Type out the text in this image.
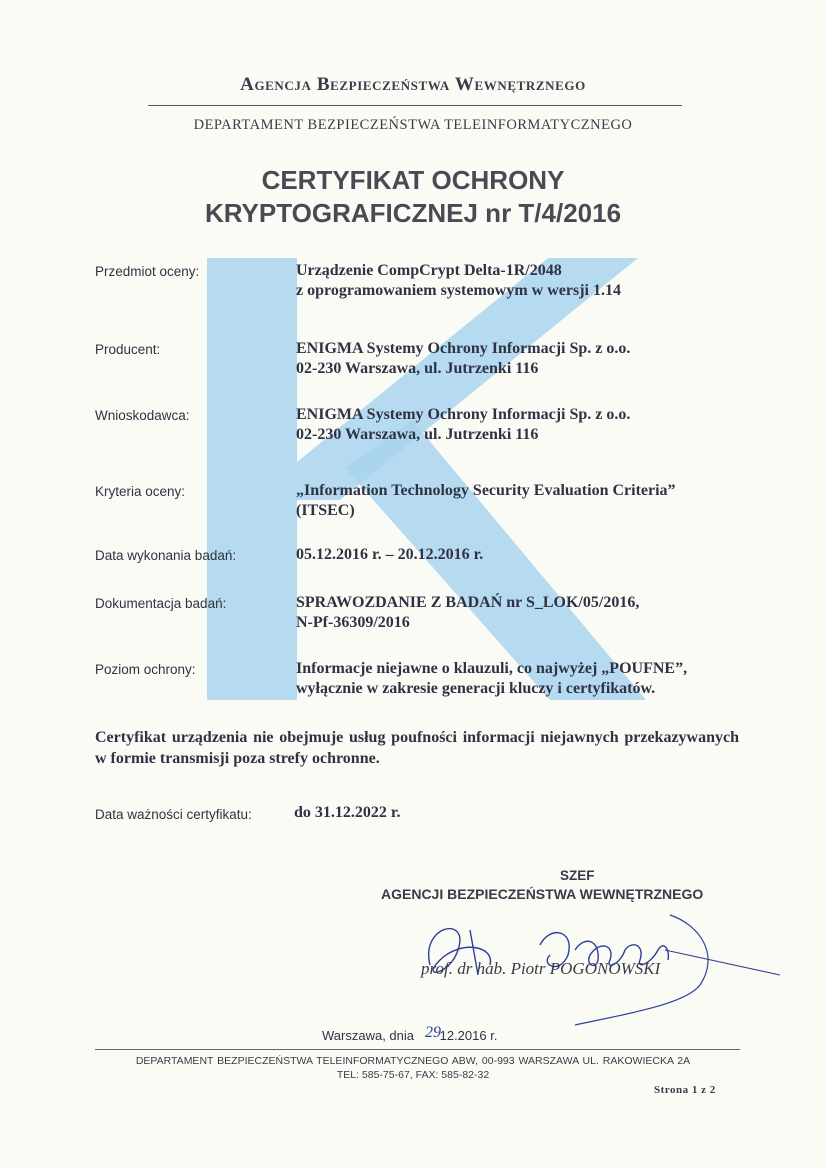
Agencja Bezpieczeństwa Wewnętrznego
DEPARTAMENT BEZPIECZEŃSTWA TELEINFORMATYCZNEGO
CERTYFIKAT OCHRONY
KRYPTOGRAFICZNEJ nr T/4/2016
Przedmiot oceny:	Urządzenie CompCrypt Delta-1R/2048
z oprogramowaniem systemowym w wersji 1.14
Producent:	ENIGMA Systemy Ochrony Informacji Sp. z o.o.
02-230 Warszawa, ul. Jutrzenki 116
Wnioskodawca:	ENIGMA Systemy Ochrony Informacji Sp. z o.o.
02-230 Warszawa, ul. Jutrzenki 116
Kryteria oceny:	„Information Technology Security Evaluation Criteria”
(ITSEC)
Data wykonania badań:	05.12.2016 r. – 20.12.2016 r.
Dokumentacja badań:	SPRAWOZDANIE Z BADAŃ nr S_LOK/05/2016,
N-Pf-36309/2016
Poziom ochrony:	Informacje niejawne o klauzuli, co najwyżej „POUFNE”,
wyłącznie w zakresie generacji kluczy i certyfikatów.
Certyfikat urządzenia nie obejmuje usług poufności informacji niejawnych przekazywanych w formie transmisji poza strefy ochronne.
Data ważności certyfikatu:	do 31.12.2022 r.
SZEF
AGENCJI BEZPIECZEŃSTWA WEWNĘTRZNEGO
prof. dr hab. Piotr POGONOWSKI
Warszawa, dnia 12.2016 r.
29
DEPARTAMENT BEZPIECZEŃSTWA TELEINFORMATYCZNEGO ABW, 00-993 WARSZAWA UL. RAKOWIECKA 2A
TEL: 585-75-67, FAX: 585-82-32
Strona 1 z 2
